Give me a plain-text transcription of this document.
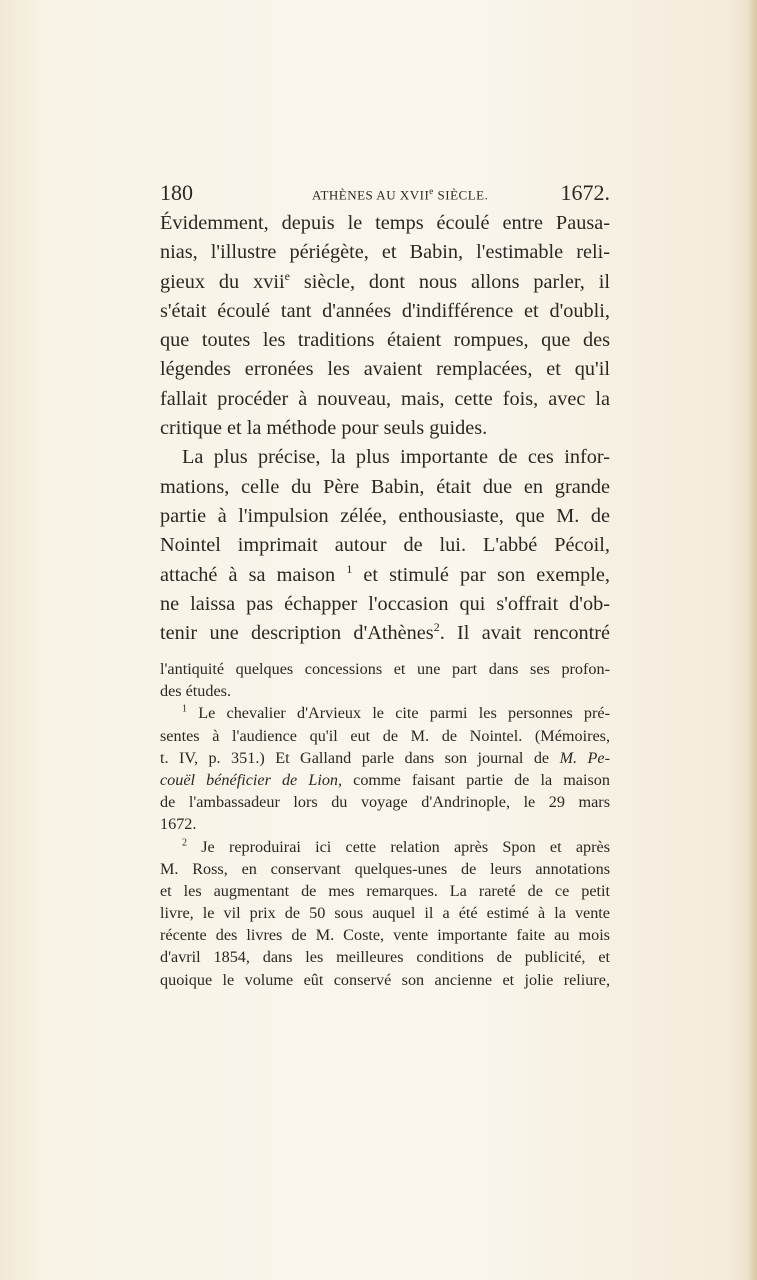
180	ATHÈNES AU XVIIe SIÈCLE.	1672.
Évidemment, depuis le temps écoulé entre Pausa-
nias, l'illustre périégète, et Babin, l'estimable reli-
gieux du xvii$^e$ siècle, dont nous allons parler, il
s'était écoulé tant d'années d'indifférence et d'oubli,
que toutes les traditions étaient rompues, que des
légendes erronées les avaient remplacées, et qu'il
fallait procéder à nouveau, mais, cette fois, avec la
critique et la méthode pour seuls guides.
La plus précise, la plus importante de ces infor-
mations, celle du Père Babin, était due en grande
partie à l'impulsion zélée, enthousiaste, que M. de
Nointel imprimait autour de lui. L'abbé Pécoil,
attaché à sa maison $^1$ et stimulé par son exemple,
ne laissa pas échapper l'occasion qui s'offrait d'ob-
tenir une description d'Athènes$^2$. Il avait rencontré
l'antiquité quelques concessions et une part dans ses profon-
des études.
$^1$ Le chevalier d'Arvieux le cite parmi les personnes pré-
sentes à l'audience qu'il eut de M. de Nointel. (Mémoires,
t. IV, p. 351.) Et Galland parle dans son journal de M. Pe-
couël bénéficier de Lion, comme faisant partie de la maison
de l'ambassadeur lors du voyage d'Andrinople, le 29 mars
1672.
$^2$ Je reproduirai ici cette relation après Spon et après
M. Ross, en conservant quelques-unes de leurs annotations
et les augmentant de mes remarques. La rareté de ce petit
livre, le vil prix de 50 sous auquel il a été estimé à la vente
récente des livres de M. Coste, vente importante faite au mois
d'avril 1854, dans les meilleures conditions de publicité, et
quoique le volume eût conservé son ancienne et jolie reliure,
